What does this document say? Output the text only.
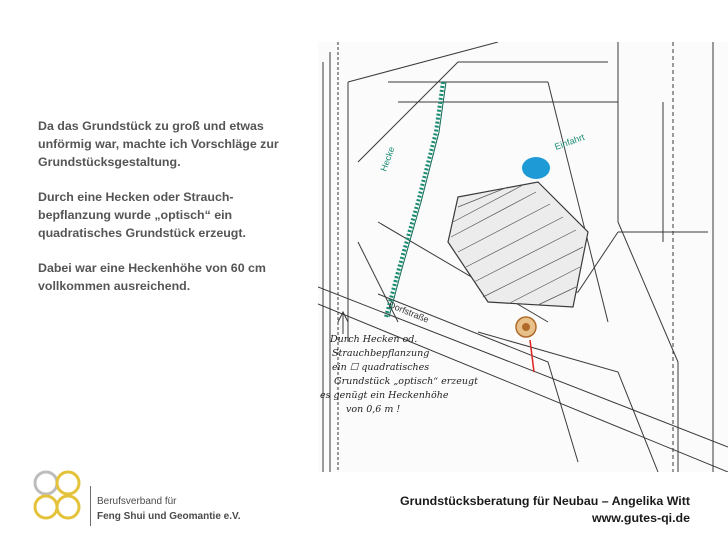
Da das Grundstück zu groß und etwas unförmig war, machte ich Vorschläge zur Grundstücksgestaltung.

Durch eine Hecken oder Strauch-bepflanzung wurde „optisch“ ein quadratisches Grundstück erzeugt.

Dabei war eine Heckenhöhe von 60 cm vollkommen ausreichend.

Hecke
Einfahrt
Dorfstraße
Durch Hecken od.
Strauchbepflanzung
ein ☐ quadratisches
Grundstück „optisch“ erzeugt
es genügt ein Heckenhöhe
von 0,6 m !
Berufsverband für
Feng Shui und Geomantie e.V.
Grundstücksberatung für Neubau – Angelika Witt
www.gutes-qi.de
